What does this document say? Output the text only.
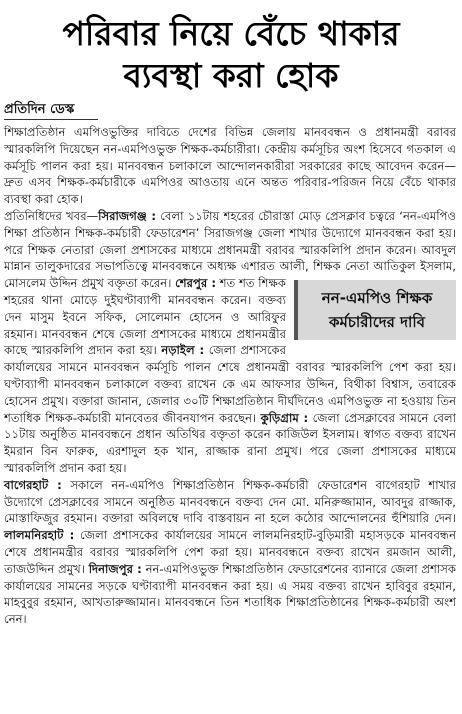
পরিবার নিয়ে বেঁচে থাকার
ব্যবস্থা করা হোক
প্রতিদিন ডেস্ক

শিক্ষাপ্রতিষ্ঠান এমপিওভুক্তির দাবিতে দেশের বিভিন্ন জেলায় মানববন্ধন ও প্রধানমন্ত্রী বরাবর স্মারকলিপি দিয়েছেন নন-এমপিওভুক্ত শিক্ষক-কর্মচারীরা। কেন্দ্রীয় কর্মসূচির অংশ হিসেবে গতকাল এ কর্মসূচি পালন করা হয়। মানববন্ধন চলাকালে আন্দোলনকারীরা সরকারের কাছে আবেদন করেন—দ্রুত এসব শিক্ষক-কর্মচারীকে এমপিওর আওতায় এনে অন্তত পরিবার-পরিজন নিয়ে বেঁচে থাকার ব্যবস্থা করা হোক।

প্রতিনিধিদের খবর—সিরাজগঞ্জ : বেলা ১১টায় শহরের চৌরাস্তা মোড় প্রেসক্লাব চত্বরে ‘নন-এমপিও শিক্ষা প্রতিষ্ঠান শিক্ষক-কর্মচারী ফেডারেশন’ সিরাজগঞ্জ জেলা শাখার উদ্যোগে মানববন্ধন করা হয়। পরে শিক্ষক নেতারা জেলা প্রশাসকের মাধ্যমে প্রধানমন্ত্রী বরাবর স্মারকলিপি প্রদান করেন। আবদুল মান্নান তালুকদারের সভাপতিত্বে মানববন্ধনে অধ্যক্ষ এশারত আলী, শিক্ষক নেতা আতিকুল ইসলাম, মোসলেম উদ্দিন প্রমুখ বক্তৃতা করেন।
নন-এমপিও শিক্ষক
কর্মচারীদের দাবি
শেরপুর : শত শত শিক্ষক শহরের থানা মোড়ে দুইঘণ্টাব্যাপী মানববন্ধন করেন। বক্তব্য দেন মাসুম ইবনে সফিক, সোলেমান হোসেন ও আরিফুর রহমান। মানববন্ধন শেষে জেলা প্রশাসকের মাধ্যমে প্রধানমন্ত্রীর কাছে স্মারকলিপি প্রদান করা হয়। নড়াইল : জেলা প্রশাসকের কার্যালয়ের সামনে মানববন্ধন কর্মসূচি পালন শেষে প্রধানমন্ত্রী বরাবর স্মারকলিপি পেশ করা হয়। ঘণ্টাব্যাপী মানববন্ধন চলাকালে বক্তব্য রাখেন কে এম আফসার উদ্দিন, বিথীকা বিশ্বাস, তবারেক হোসেন প্রমুখ। বক্তারা জানান, জেলার ৩০টি শিক্ষাপ্রতিষ্ঠান দীর্ঘদিনেও এমপিওভুক্ত না হওয়ায় তিন শতাধিক শিক্ষক-কর্মচারী মানবেতর জীবনযাপন করছেন। কুড়িগ্রাম : জেলা প্রেসক্লাবের সামনে বেলা ১১টায় অনুষ্ঠিত মানববন্ধনে প্রধান অতিথির বক্তৃতা করেন কাজিউল ইসলাম। স্বাগত বক্তব্য রাখেন ইমরান বিন ফারুক, এরশাদুল হক খান, রাজ্জাক রানা প্রমুখ। পরে জেলা প্রশাসকের মাধ্যমে স্মারকলিপি প্রদান করা হয়।

বাগেরহাট : সকালে নন-এমপিও শিক্ষাপ্রতিষ্ঠান শিক্ষক-কর্মচারী ফেডারেশন বাগেরহাট শাখার উদ্যোগে প্রেসক্লাবের সামনে অনুষ্ঠিত মানববন্ধনে বক্তব্য দেন মো. মনিরুজ্জামান, আবদুর রাজ্জাক, মোস্তাফিজুর রহমান। বক্তারা অবিলম্বে দাবি বাস্তবায়ন না হলে কঠোর আন্দোলনের হুঁশিয়ারি দেন। লালমনিরহাট : জেলা প্রশাসকের কার্যালয়ের সামনে লালমনিরহাট-বুড়িমারী মহাসড়কে মানববন্ধন শেষে প্রধানমন্ত্রীর বরাবর স্মারকলিপি পেশ করা হয়। মানববন্ধনে বক্তব্য রাখেন রমজান আলী, তাজউদ্দিন প্রমুখ। দিনাজপুর : নন-এমপিওভুক্ত শিক্ষাপ্রতিষ্ঠান ফেডারেশনের ব্যানারে জেলা প্রশাসক কার্যালয়ের সামনের সড়কে ঘণ্টাব্যাপী মানববন্ধন করা হয়। এ সময় বক্তব্য রাখেন হাবিবুর রহমান, মাহবুবুর রহমান, আখতারুজ্জামান। মানববন্ধনে তিন শতাধিক শিক্ষাপ্রতিষ্ঠানের শিক্ষক-কর্মচারী অংশ নেন।
